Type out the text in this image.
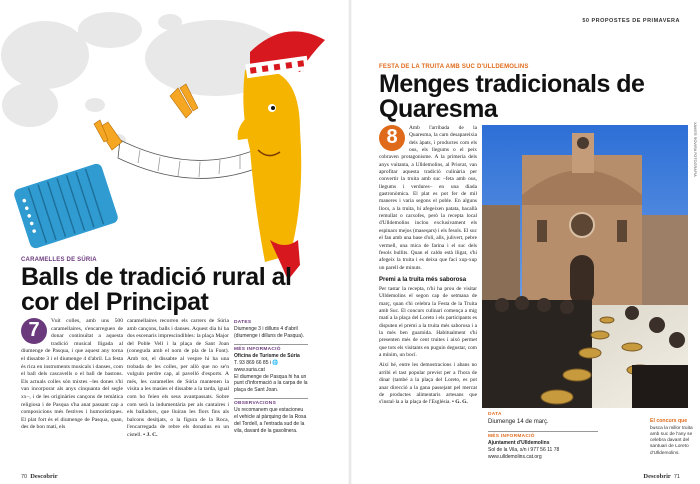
CARAMELLES DE SÚRIA
Balls de tradició rural al cor del Principat
7	Vuit colles, amb uns 500 caramellaires, s'encarreguen de donar continuïtat a aquesta tradició musical lligada al diumenge de Pasqua, i que aquest any torna el dissabte 3 i el diumenge 4 d'abril. La festa és rica en instruments musicals i danses, com el ball dels cascavells o el ball de bastons. Els actuals colles són mixtes –les dones s'hi van incorporar als anys cinquanta del segle xx–, i de les originàries cançons de temàtica religiosa i de Pasqua s'ha anat passant cap a composicions més festives i humorístiques. El plat fort és el diumenge de Pasqua, quan, des de bon matí, els

caramellaires recorren els carrers de Súria amb cançons, balls i danses. Aquest dia hi ha dos escenaris imprescindibles: la plaça Major del Poble Vell i la plaça de Sant Joan (coneguda amb el nom de pla de la Font). Amb tot, el dissabte al vespre hi ha una trobada de les colles, per allò que no se'n vulguin perdre cap, al pavelló d'esports. A més, les caramelles de Súria mantenen la visita a les masies el dissabte a la tarda, igual com ho feien els seus avantpassats. Sobre com serà la indumentària per als cantaires i els balladors, que lluiran les flors fins als balcons desitjats, o la figura de la Roca, l'encarregada de rebre els donatius en un cistell. • J. C.

DATES
Diumenge 3 i dilluns 4 d'abril (diumenge i dilluns de Pasqua).
MÉS INFORMACIÓ
Oficina de Turisme de Súria
T. 93 869 66 85 i 🌐 www.suria.cat
El diumenge de Pasqua hi ha un punt d'informació a la carpa de la plaça de Sant Joan.
OBSERVACIONS
Us recomanem que estacioneu el vehicle al pàrquing de la Rosa del Tordell, a l'entrada sud de la vila, davant de la gasolinera.
70 Descobrir
50 PROPOSTES DE PRIMAVERA
FESTA DE LA TRUITA AMB SUC D'ULLDEMOLINS
Menges tradicionals de Quaresma
8	Amb l'arribada de la Quaresma, la carn desapareixia dels àpats, i productes com els ous, els llegums o el peix cobraven protagonisme. A la primeria dels anys vuitanta, a Ulldemolins, al Priorat, van aprofitar aquesta tradició culinària per convertir la truita amb suc –feta amb ous, llegums i verdures– en una diada gastronòmica. El plat es pot fer de mil maneres i varia segons el poble. En alguns llocs, a la truita, hi afegeixen patata, bacallà remullat o carxofes, però la recepta local d'Ulldemolins inclou exclusivament els espinacs mejos (maseqars) i els fesols. El suc el fan amb una base d'oli, alls, julivert, pebre vermell, una mica de farina i el suc dels fesols bullits. Quan el caldo està lligat, s'hi afegeix la truita i es deixa que faci xup-xup un parell de minuts.

Premi a la truita més saborosa

Per tastar la recepta, n'hi ha prou de visitar Ulldemolins el segon cap de setmana de març, quan s'hi celebra la Festa de la Truita amb Suc. El concurs culinari comença a mig matí a la plaça del Loreto i els participants es disputen el premi a la truita més saborosa i a la més ben guarnida. Habitualment s'hi presenten més de cent truites i això permet que tots els visitants en puguin degustar, com a mínim, un bocí.

Així bé, entre les demostracions i abans no arribi el tast popular previst per a l'hora de dinar (també a la plaça del Loreto, es pot anar direcció a la gana passejant pel mercat de productes alimentaris artesans que s'instal·la a la plaça de l'Església. • G. G.

XAVIER ROVIRA FOTOGRAFIA
DATA
Diumenge 14 de març.
MÉS INFORMACIÓ
Ajuntament d'Ulldemolins
Sol de la Vila, s/n i 977 56 11 78
www.ulldemolins.cat.org
El concurs que
busca la millor truita amb suc de l'any se celebra davant del santuari de Loreto d'Ulldemolins.
Descobrir 71
